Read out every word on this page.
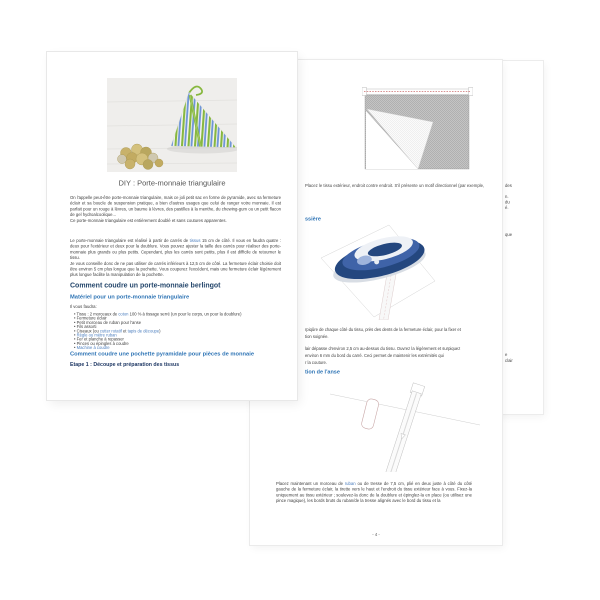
des
n.
du
é.
que
e
clair
Placez le tissu extérieur, endroit contre endroit. S'il présente un motif directionnel (par exemple,
ssière
rpiqûre de chaque côté du tissu, près des dents de la fermeture éclair, pour la fixer et
tion soignée.
lair dépasse d'environ 2,5 cm au-dessus du tissu. Ouvrez la légèrement et surpiquez
environ 6 mm du bord du carré. Ceci permet de maintenir les extrémités qui
r la couture.
tion de l'anse
Placez maintenant un morceau de ruban ou de tresse de 7,5 cm, plié en deux juste à côté du côté gauche de la fermeture éclair, la tirette vers le haut et l'endroit du tissu extérieur face à vous. Fixez-la uniquement au tissu extérieur ; soulevez-la donc de la doublure et épinglez-la en place (ou utilisez une pince magique), les bords bruts du ruban/de la tresse alignés avec le bord du tissu et la
- 4 -
DIY : Porte-monnaie triangulaire
On l'appelle peut-être porte-monnaie triangulaire, mais ce joli petit sac en forme de pyramide, avec sa fermeture éclair et sa boucle de suspension pratique, a bien d'autres usages que celui de ranger votre monnaie. Il est parfait pour un rouge à lèvres, un baume à lèvres, des pastilles à la menthe, du chewing-gum ou un petit flacon de gel hydroalcoolique...
Ce porte-monnaie triangulaire est entièrement doublé et sans coutures apparentes.
Le porte-monnaie triangulaire est réalisé à partir de carrés de tissus 15 cm de côté. Il vous en faudra quatre : deux pour l'extérieur et deux pour la doublure. Vous pouvez ajuster la taille des carrés pour réaliser des porte-monnaie plus grands ou plus petits. Cependant, plus les carrés sont petits, plus il est difficile de retourner le tissu.
Je vous conseille donc de ne pas utiliser de carrés inférieurs à 12,5 cm de côté. La fermeture éclair choisie doit être environ 5 cm plus longue que la pochette. Vous couperez l'excédent, mais une fermeture éclair légèrement plus longue facilite la manipulation de la pochette.
Comment coudre un porte-monnaie berlingot
Matériel pour un porte-monnaie triangulaire
Il vous faudra:
• Tissu : 2 morceaux de coton 100 % à tissage serré (un pour le corps, un pour la doublure)
• Fermeture éclair
• Petit morceau de ruban pour l'anse
• Fils assorti
• Ciseaux (ou cutter rotatif et tapis de découpe)
• Règle ou mètre ruban
• Fer et planche à repasser
• Pinces ou épingles à coudre
• Machine à coudre
Comment coudre une pochette pyramidale pour pièces de monnaie
Etape 1 : Découpe et préparation des tissus
